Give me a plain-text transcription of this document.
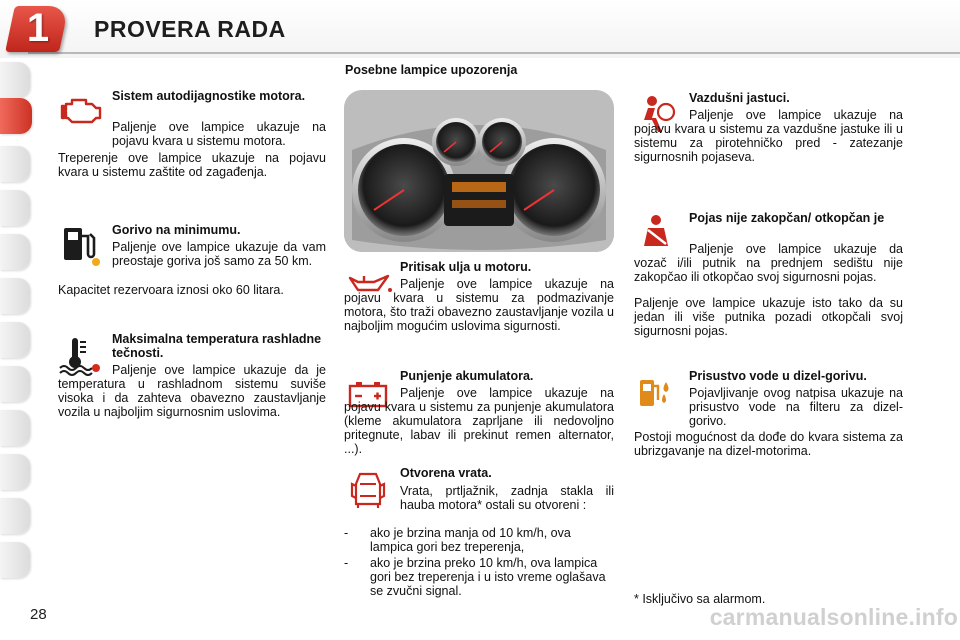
1	PROVERA RADA
Sistem autodijagnostike motora.
Paljenje ove lampice ukazuje na pojavu kvara u sistemu motora.
Treperenje ove lampice ukazuje na pojavu kvara u sistemu zaštite od zagađenja.
Gorivo na minimumu.
Paljenje ove lampice ukazuje da vam preostaje goriva još samo za 50 km.
Kapacitet rezervoara iznosi oko 60 litara.
Maksimalna temperatura rashladne tečnosti.
Paljenje ove lampice ukazuje da je temperatura u rashladnom sistemu suviše visoka i da zahteva obavezno zaustavljanje vozila u najboljim sigurnosnim uslovima.
Posebne lampice upozorenja
Pritisak ulja u motoru.
Paljenje ove lampice ukazuje na pojavu kvara u sistemu za podmazivanje motora, što traži obavezno zaustavljanje vozila u najboljim mogućim uslovima sigurnosti.
Punjenje akumulatora.
Paljenje ove lampice ukazuje na pojavu kvara u sistemu za punjenje akumulatora (kleme akumulatora zaprljane ili nedovoljno pritegnute, labav ili prekinut remen alternator, ...).
Otvorena vrata.
Vrata, prtljažnik, zadnja stakla ili hauba motora* ostali su otvoreni :
-	ako je brzina manja od 10 km/h, ova lampica gori bez treperenja,
-	ako je brzina preko 10 km/h, ova lampica gori bez treperenja i u isto vreme oglašava se zvučni signal.
Vazdušni jastuci.
Paljenje ove lampice ukazuje na pojavu kvara u sistemu za vazdušne jastuke ili u sistemu za pirotehničko pred - zatezanje sigurnosnih pojaseva.
Pojas nije zakopčan/ otkopčan je
Paljenje ove lampice ukazuje da vozač i/ili putnik na prednjem sedištu nije zakopčao ili otkopčao svoj sigurnosni pojas.
Paljenje ove lampice ukazuje isto tako da su jedan ili više putnika pozadi otkopčali svoj sigurnosni pojas.
Prisustvo vode u dizel-gorivu.
Pojavljivanje ovog natpisa ukazuje na prisustvo vode na filteru za dizel-gorivo.
Postoji mogućnost da dođe do kvara sistema za ubrizgavanje na dizel-motorima.
* Isključivo sa alarmom.
28	carmanualsonline.info
